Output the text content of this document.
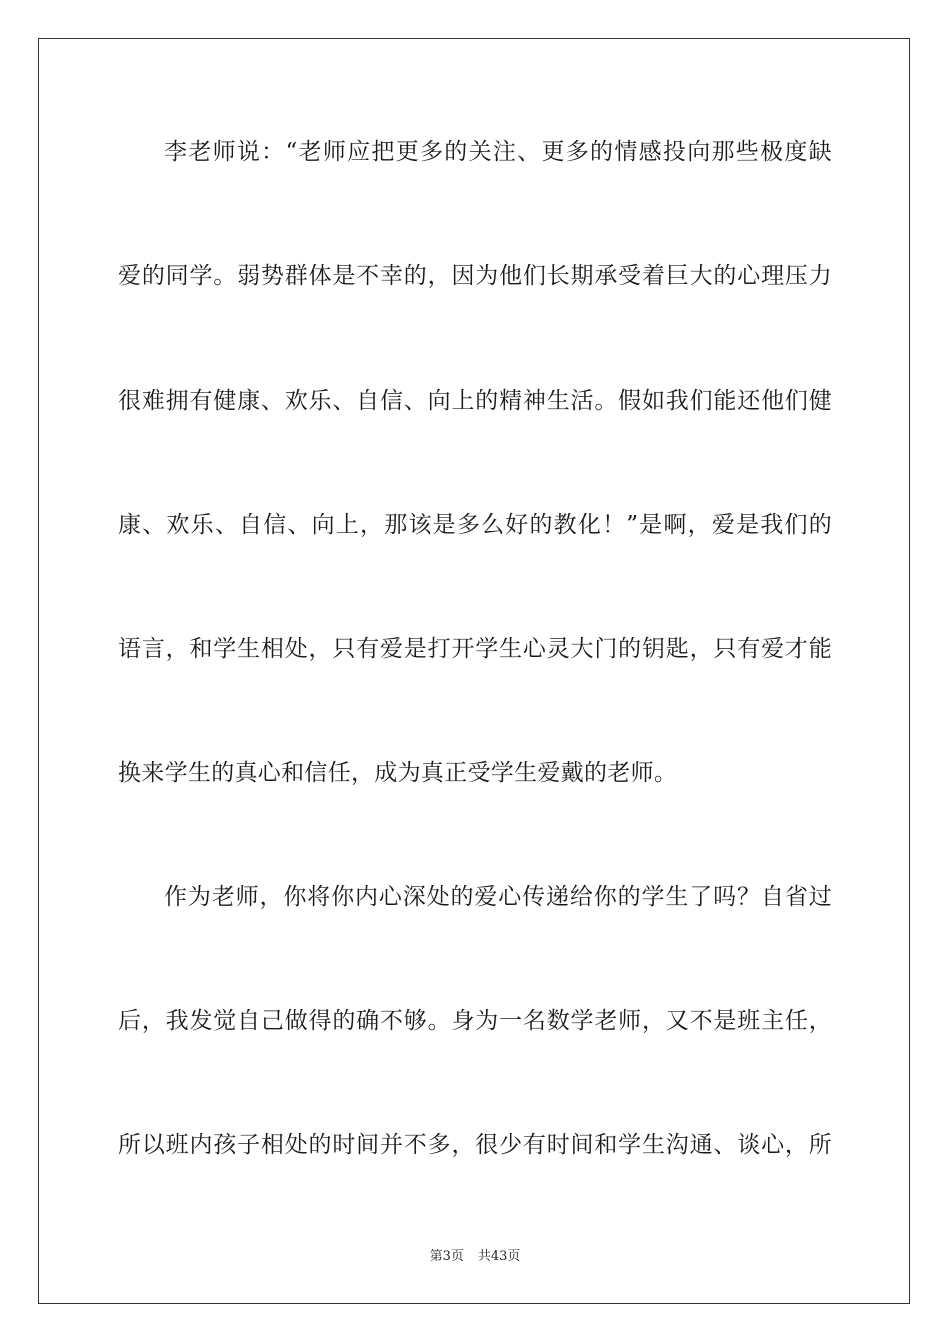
李老师说：“老师应把更多的关注、更多的情感投向那些极度缺
爱的同学。弱势群体是不幸的，因为他们长期承受着巨大的心理压力
很难拥有健康、欢乐、自信、向上的精神生活。假如我们能还他们健
康、欢乐、自信、向上，那该是多么好的教化！”是啊，爱是我们的
语言，和学生相处，只有爱是打开学生心灵大门的钥匙，只有爱才能
换来学生的真心和信任，成为真正受学生爱戴的老师。
作为老师，你将你内心深处的爱心传递给你的学生了吗？自省过
后，我发觉自己做得的确不够。身为一名数学老师，又不是班主任，
所以班内孩子相处的时间并不多，很少有时间和学生沟通、谈心，所
第3页 共43页
